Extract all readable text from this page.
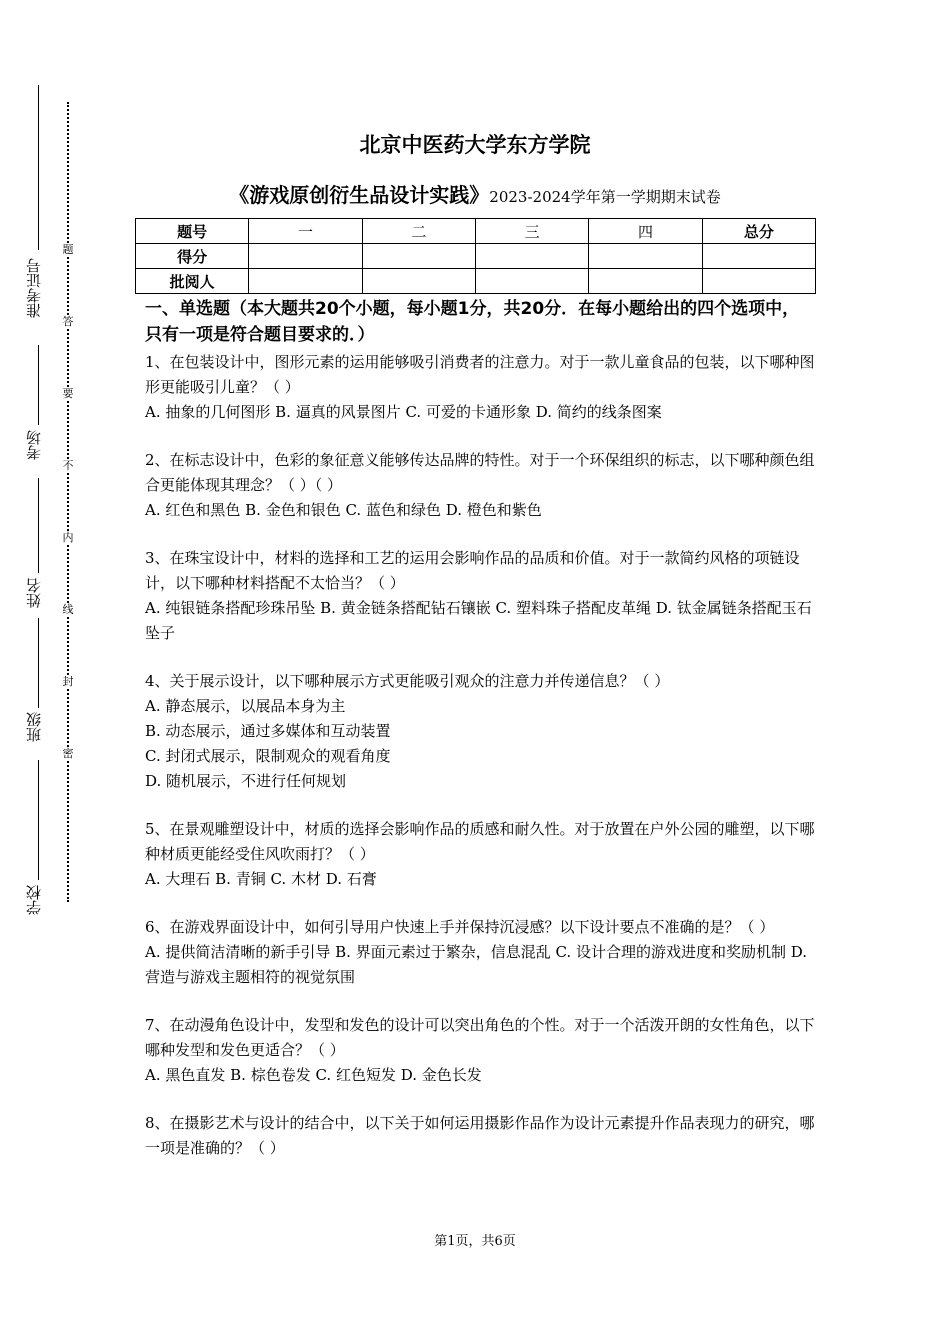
准考证号
考场
姓名
班级
学校
题
答
要
不
内
线
封
密
北京中医药大学东方学院
《游戏原创衍生品设计实践》2023-2024学年第一学期期末试卷
题号	一	二	三	四	总分
得分					
批阅人					
一、单选题（本大题共20个小题，每小题1分，共20分．在每小题给出的四个选项中，只有一项是符合题目要求的．）
1、在包装设计中，图形元素的运用能够吸引消费者的注意力。对于一款儿童食品的包装，以下哪种图形更能吸引儿童？（ ）
A. 抽象的几何图形 B. 逼真的风景图片 C. 可爱的卡通形象 D. 简约的线条图案
2、在标志设计中，色彩的象征意义能够传达品牌的特性。对于一个环保组织的标志，以下哪种颜色组合更能体现其理念？（ ）（ ）
A. 红色和黑色 B. 金色和银色 C. 蓝色和绿色 D. 橙色和紫色
3、在珠宝设计中，材料的选择和工艺的运用会影响作品的品质和价值。对于一款简约风格的项链设计，以下哪种材料搭配不太恰当？（ ）
A. 纯银链条搭配珍珠吊坠 B. 黄金链条搭配钻石镶嵌 C. 塑料珠子搭配皮革绳 D. 钛金属链条搭配玉石坠子
4、关于展示设计，以下哪种展示方式更能吸引观众的注意力并传递信息？（ ）
A. 静态展示，以展品本身为主
B. 动态展示，通过多媒体和互动装置
C. 封闭式展示，限制观众的观看角度
D. 随机展示，不进行任何规划
5、在景观雕塑设计中，材质的选择会影响作品的质感和耐久性。对于放置在户外公园的雕塑，以下哪种材质更能经受住风吹雨打？（ ）
A. 大理石 B. 青铜 C. 木材 D. 石膏
6、在游戏界面设计中，如何引导用户快速上手并保持沉浸感？以下设计要点不准确的是？（ ）
A. 提供简洁清晰的新手引导 B. 界面元素过于繁杂，信息混乱 C. 设计合理的游戏进度和奖励机制 D. 营造与游戏主题相符的视觉氛围
7、在动漫角色设计中，发型和发色的设计可以突出角色的个性。对于一个活泼开朗的女性角色，以下哪种发型和发色更适合？（ ）
A. 黑色直发 B. 棕色卷发 C. 红色短发 D. 金色长发
8、在摄影艺术与设计的结合中，以下关于如何运用摄影作品作为设计元素提升作品表现力的研究，哪一项是准确的？（ ）
第1页，共6页
